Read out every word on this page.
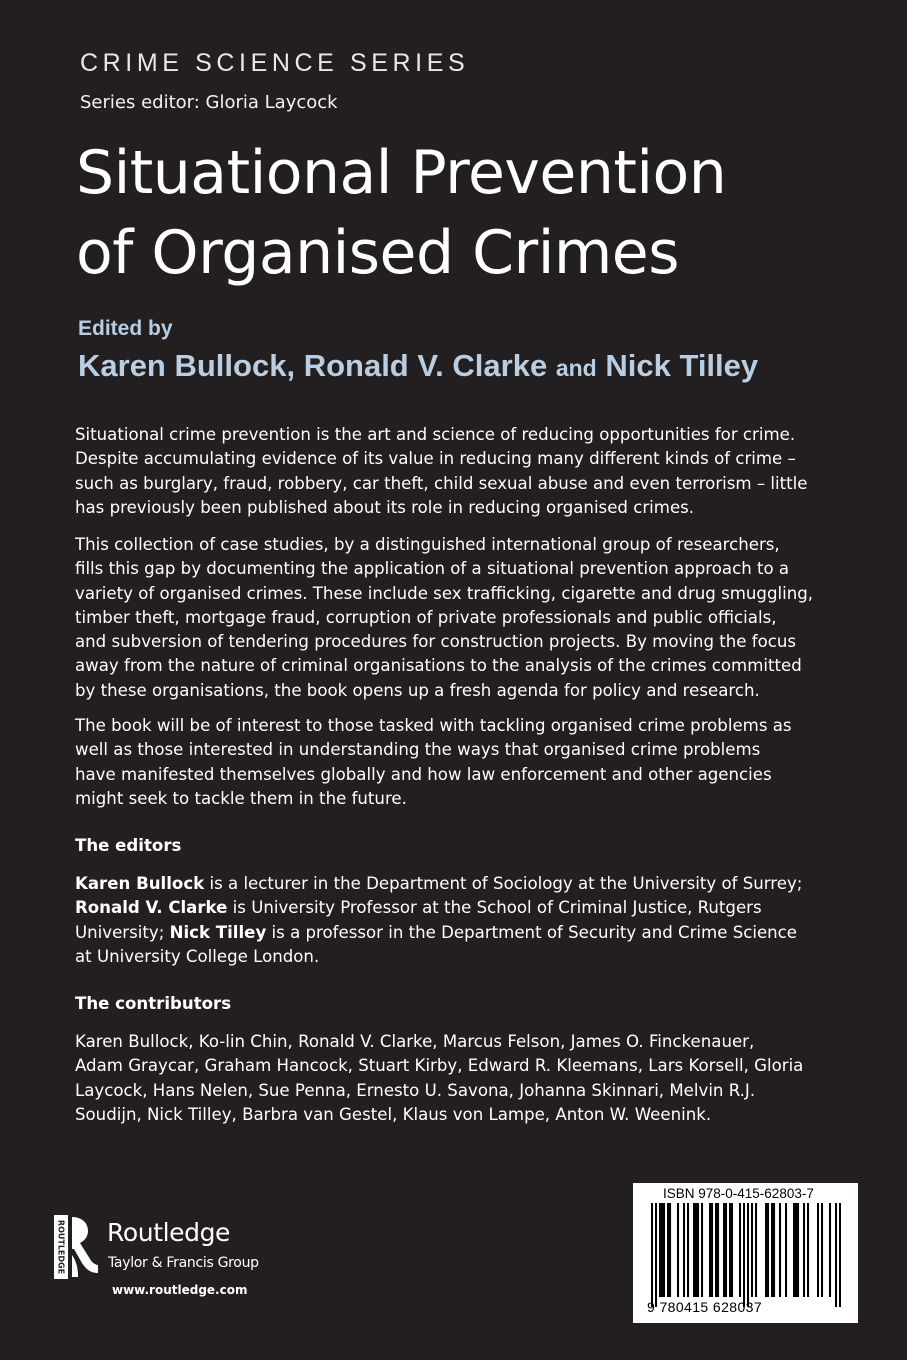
CRIME SCIENCE SERIES
Series editor: Gloria Laycock
Situational Prevention
of Organised Crimes
Edited by
Karen Bullock, Ronald V. Clarke and Nick Tilley
Situational crime prevention is the art and science of reducing opportunities for crime.
Despite accumulating evidence of its value in reducing many different kinds of crime –
such as burglary, fraud, robbery, car theft, child sexual abuse and even terrorism – little
has previously been published about its role in reducing organised crimes.
This collection of case studies, by a distinguished international group of researchers,
fills this gap by documenting the application of a situational prevention approach to a
variety of organised crimes. These include sex trafficking, cigarette and drug smuggling,
timber theft, mortgage fraud, corruption of private professionals and public officials,
and subversion of tendering procedures for construction projects. By moving the focus
away from the nature of criminal organisations to the analysis of the crimes committed
by these organisations, the book opens up a fresh agenda for policy and research.
The book will be of interest to those tasked with tackling organised crime problems as
well as those interested in understanding the ways that organised crime problems
have manifested themselves globally and how law enforcement and other agencies
might seek to tackle them in the future.
The editors
Karen Bullock is a lecturer in the Department of Sociology at the University of Surrey;
Ronald V. Clarke is University Professor at the School of Criminal Justice, Rutgers
University; Nick Tilley is a professor in the Department of Security and Crime Science
at University College London.
The contributors
Karen Bullock, Ko-lin Chin, Ronald V. Clarke, Marcus Felson, James O. Finckenauer,
Adam Graycar, Graham Hancock, Stuart Kirby, Edward R. Kleemans, Lars Korsell, Gloria
Laycock, Hans Nelen, Sue Penna, Ernesto U. Savona, Johanna Skinnari, Melvin R.J.
Soudijn, Nick Tilley, Barbra van Gestel, Klaus von Lampe, Anton W. Weenink.
ROUTLEDGE Routledge
Taylor & Francis Group
www.routledge.com
ISBN 978-0-415-62803-7
9 780415 628037
